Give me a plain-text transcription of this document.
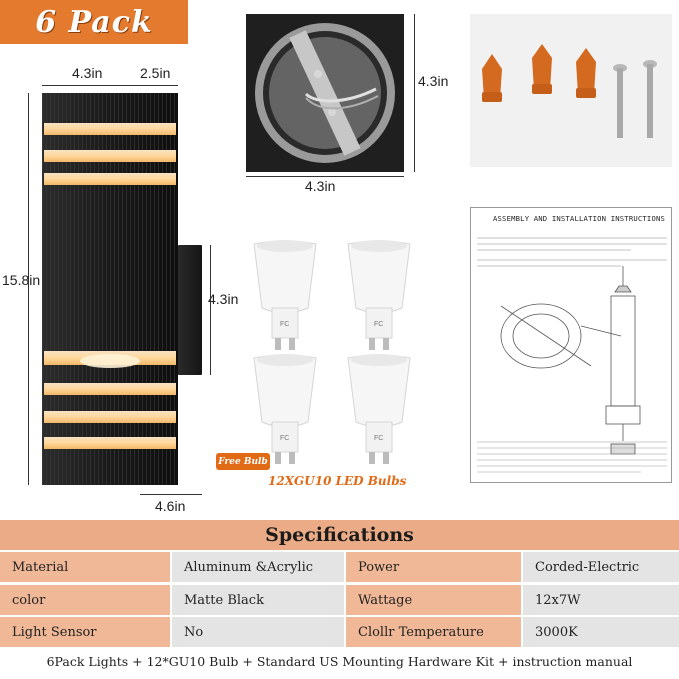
6 Pack
4.3in	2.5in
15.8in
4.3in
4.6in
4.3in
4.3in
FC	FC
FC	FC
Free Bulb
12XGU10 LED Bulbs
ASSEMBLY AND INSTALLATION INSTRUCTIONS
Specifications
Material	Aluminum &Acrylic	Power	Corded-Electric
color	Matte Black	Wattage	12x7W
Light Sensor	No	Clollr Temperature	3000K
6Pack Lights + 12*GU10 Bulb + Standard US Mounting Hardware Kit + instruction manual
